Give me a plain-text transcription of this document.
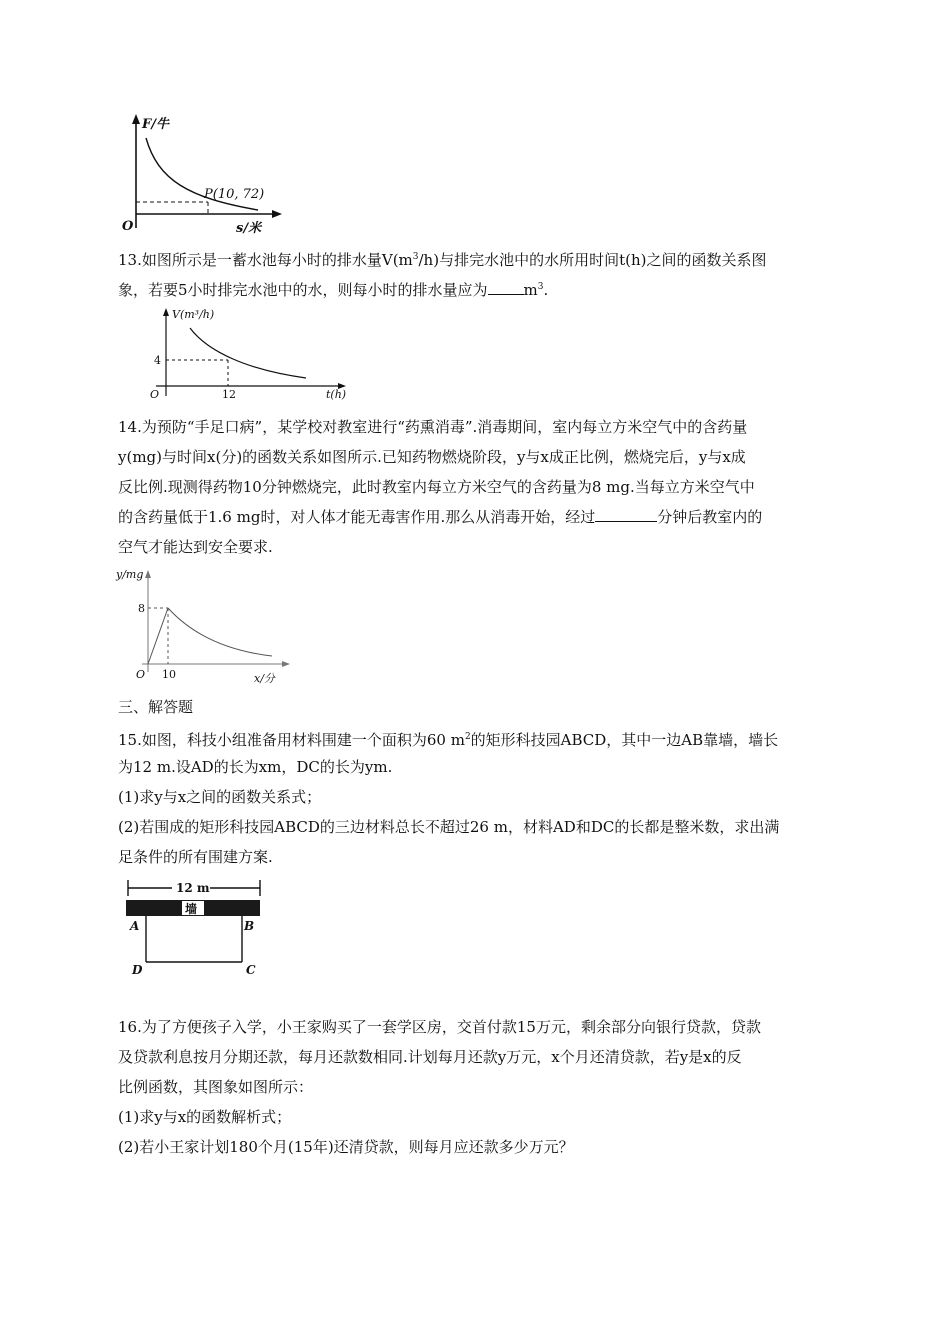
F/牛
s/米
O
P(10, 72)
13.如图所示是一蓄水池每小时的排水量$V(m^3/h)$与排完水池中的水所用时间t(h)之间的函数关系图
象，若要5小时排完水池中的水，则每小时的排水量应为 $m^3$.
V(m³/h)
t(h)
O
4
12
14.为预防“手足口病”，某学校对教室进行“药熏消毒”.消毒期间，室内每立方米空气中的含药量
y(mg)与时间x(分)的函数关系如图所示.已知药物燃烧阶段，y与x成正比例，燃烧完后，y与x成
反比例.现测得药物10分钟燃烧完，此时教室内每立方米空气的含药量为8 mg.当每立方米空气中
的含药量低于1.6 mg时，对人体才能无毒害作用.那么从消毒开始，经过	分钟后教室内的
空气才能达到安全要求.
y/mg
x/分
O
8
10
三、解答题
15.如图，科技小组准备用材料围建一个面积为60 $m^2$的矩形科技园ABCD，其中一边AB靠墙，墙长
为12 m.设AD的长为xm，DC的长为ym.
(1)求y与x之间的函数关系式；
(2)若围成的矩形科技园ABCD的三边材料总长不超过26 m，材料AD和DC的长都是整米数，求出满
足条件的所有围建方案.
12 m
墙
A	B
D	C
16.为了方便孩子入学，小王家购买了一套学区房，交首付款15万元，剩余部分向银行贷款，贷款
及贷款利息按月分期还款，每月还款数相同.计划每月还款y万元，x个月还清贷款，若y是x的反
比例函数，其图象如图所示：
(1)求y与x的函数解析式；
(2)若小王家计划180个月(15年)还清贷款，则每月应还款多少万元？
